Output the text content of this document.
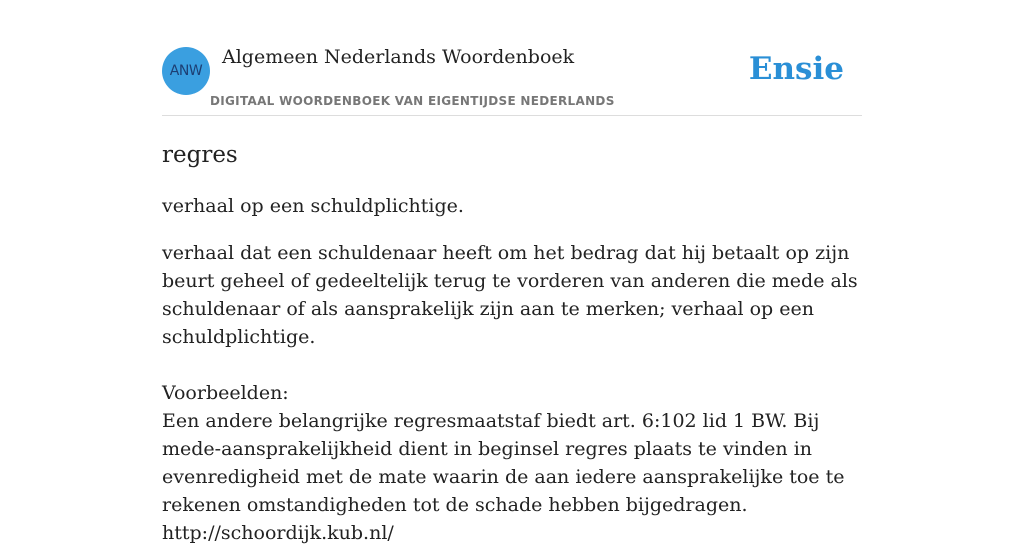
ANW
Algemeen Nederlands Woordenboek
DIGITAAL WOORDENBOEK VAN EIGENTIJDSE NEDERLANDS
Ensie
regres

verhaal op een schuldplichtige.

verhaal dat een schuldenaar heeft om het bedrag dat hij betaalt op zijn beurt geheel of gedeeltelijk terug te vorderen van anderen die mede als schuldenaar of als aansprakelijk zijn aan te merken; verhaal op een schuldplichtige.

Voorbeelden:

Een andere belangrijke regresmaatstaf biedt art. 6:102 lid 1 BW. Bij mede-aansprakelijkheid dient in beginsel regres plaats te vinden in evenredigheid met de mate waarin de aan iedere aansprakelijke toe te rekenen omstandigheden tot de schade hebben bijgedragen.

http://schoordijk.kub.nl/
